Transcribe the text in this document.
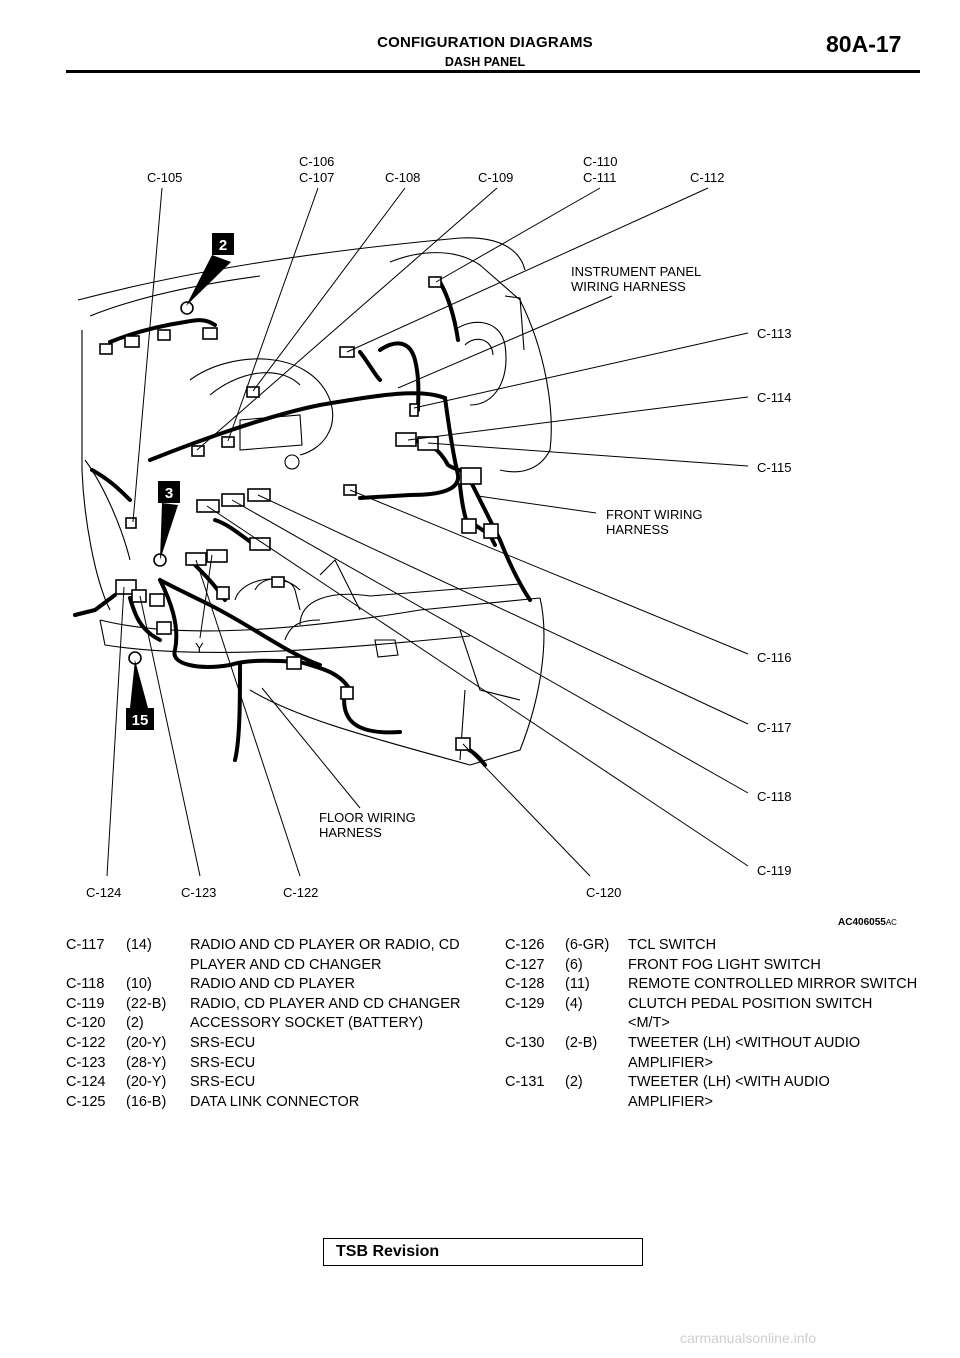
CONFIGURATION DIAGRAMS
DASH PANEL
80A-17
2
3
15
C-105
C-106
C-107	C-108	C-109
C-110
C-111	C-112
INSTRUMENT PANEL
WIRING HARNESS
C-113
C-114
C-115
FRONT WIRING
HARNESS
C-116
C-117
C-118
FLOOR WIRING
HARNESS
C-119
C-124	C-123	C-122	C-120
Y
AC406055AC
C-117	(14)	RADIO AND CD PLAYER OR RADIO, CD PLAYER AND CD CHANGER
C-118	(10)	RADIO AND CD PLAYER
C-119	(22-B)	RADIO, CD PLAYER AND CD CHANGER
C-120	(2)	ACCESSORY SOCKET (BATTERY)
C-122	(20-Y)	SRS-ECU
C-123	(28-Y)	SRS-ECU
C-124	(20-Y)	SRS-ECU
C-125	(16-B)	DATA LINK CONNECTOR
C-126	(6-GR)	TCL SWITCH
C-127	(6)	FRONT FOG LIGHT SWITCH
C-128	(11)	REMOTE CONTROLLED MIRROR SWITCH
C-129	(4)	CLUTCH PEDAL POSITION SWITCH <M/T>
C-130	(2-B)	TWEETER (LH) <WITHOUT AUDIO AMPLIFIER>
C-131	(2)	TWEETER (LH) <WITH AUDIO AMPLIFIER>
TSB Revision
carmanualsonline.info
